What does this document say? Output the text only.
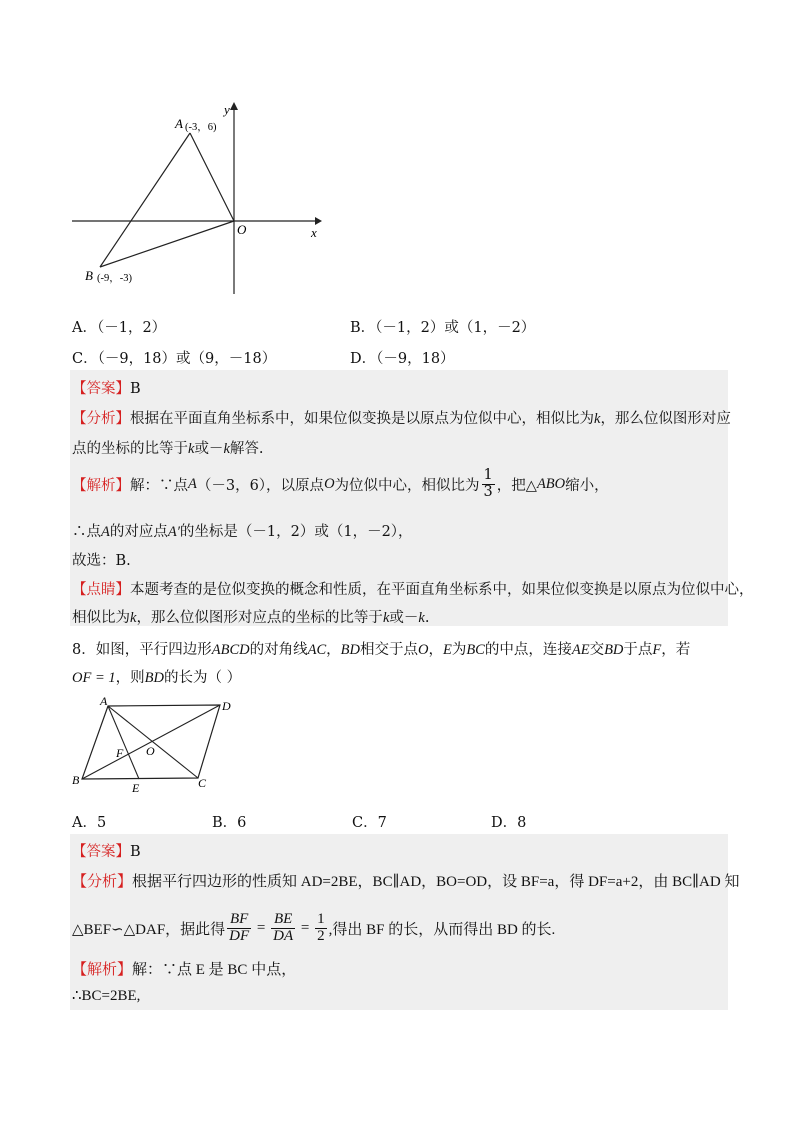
y
x
O
A (-3，6)
B (-9，-3)
A．（－1，2）	B．（－1，2）或（1，－2）
C．（－9，18）或（9，－18）	D．（－9，18）
【答案】B
【分析】根据在平面直角坐标系中，如果位似变换是以原点为位似中心，相似比为k，那么位似图形对应
点的坐标的比等于k或－k解答.
【解析】 解：∵点 A （－3，6），以原点 O 为位似中心，相似比为 $\frac{1}{3}$ ，把△ ABO 缩小，
∴点A的对应点A′的坐标是（－1，2）或（1，－2），
故选：B.
【点睛】本题考查的是位似变换的概念和性质，在平面直角坐标系中，如果位似变换是以原点为位似中心，
相似比为k，那么位似图形对应点的坐标的比等于k或－k.
8．如图，平行四边形ABCD的对角线AC，BD相交于点O，E为BC的中点，连接AE交BD于点F，若
OF = 1，则BD的长为（ ）
A	D
B	C
E
F O
A．5	B．6	C．7	D．8
【答案】B
【分析】根据平行四边形的性质知 AD=2BE，BC∥AD，BO=OD，设 BF=a，得 DF=a+2，由 BC∥AD 知
△BEF∽△DAF，据此得 $\frac{BF}{DF} = \frac{BE}{DA} = \frac{1}{2}$ ,得出 BF 的长，从而得出 BD 的长.
【解析】解：∵点 E 是 BC 中点，
∴BC=2BE,
